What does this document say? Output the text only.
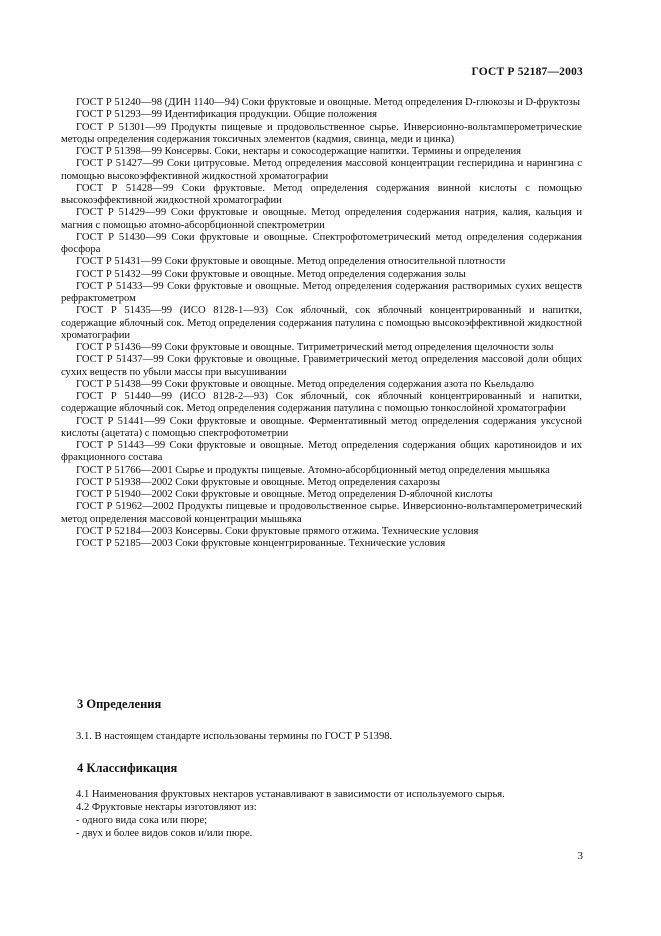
ГОСТ Р 52187—2003

ГОСТ Р 51240—98 (ДИН 1140—94) Соки фруктовые и овощные. Метод определения D-глюкозы и D-фруктозы

ГОСТ Р 51293—99 Идентификация продукции. Общие положения

ГОСТ Р 51301—99 Продукты пищевые и продовольственное сырье. Инверсионно-вольтамперометрические методы определения содержания токсичных элементов (кадмия, свинца, меди и цинка)

ГОСТ Р 51398—99 Консервы. Соки, нектары и сокосодержащие напитки. Термины и определения

ГОСТ Р 51427—99 Соки цитрусовые. Метод определения массовой концентрации гесперидина и нарингина с помощью высокоэффективной жидкостной хроматографии

ГОСТ Р 51428—99 Соки фруктовые. Метод определения содержания винной кислоты с помощью высокоэффективной жидкостной хроматографии

ГОСТ Р 51429—99 Соки фруктовые и овощные. Метод определения содержания натрия, калия, кальция и магния с помощью атомно-абсорбционной спектрометрии

ГОСТ Р 51430—99 Соки фруктовые и овощные. Спектрофотометрический метод определения содержания фосфора

ГОСТ Р 51431—99 Соки фруктовые и овощные. Метод определения относительной плотности

ГОСТ Р 51432—99 Соки фруктовые и овощные. Метод определения содержания золы

ГОСТ Р 51433—99 Соки фруктовые и овощные. Метод определения содержания растворимых сухих веществ рефрактометром

ГОСТ Р 51435—99 (ИСО 8128-1—93) Сок яблочный, сок яблочный концентрированный и напитки, содержащие яблочный сок. Метод определения содержания патулина с помощью высокоэффективной жидкостной хроматографии

ГОСТ Р 51436—99 Соки фруктовые и овощные. Титриметрический метод определения щелочности золы

ГОСТ Р 51437—99 Соки фруктовые и овощные. Гравиметрический метод определения массовой доли общих сухих веществ по убыли массы при высушивании

ГОСТ Р 51438—99 Соки фруктовые и овощные. Метод определения содержания азота по Кьельдалю

ГОСТ Р 51440—99 (ИСО 8128-2—93) Сок яблочный, сок яблочный концентрированный и напитки, содержащие яблочный сок. Метод определения содержания патулина с помощью тонкослойной хроматографии

ГОСТ Р 51441—99 Соки фруктовые и овощные. Ферментативный метод определения содержания уксусной кислоты (ацетата) с помощью спектрофотометрии

ГОСТ Р 51443—99 Соки фруктовые и овощные. Метод определения содержания общих каротиноидов и их фракционного состава

ГОСТ Р 51766—2001 Сырье и продукты пищевые. Атомно-абсорбционный метод определения мышьяка

ГОСТ Р 51938—2002 Соки фруктовые и овощные. Метод определения сахарозы

ГОСТ Р 51940—2002 Соки фруктовые и овощные. Метод определения D-яблочной кислоты

ГОСТ Р 51962—2002 Продукты пищевые и продовольственное сырье. Инверсионно-вольтамперометрический метод определения массовой концентрации мышьяка

ГОСТ Р 52184—2003 Консервы. Соки фруктовые прямого отжима. Технические условия

ГОСТ Р 52185—2003 Соки фруктовые концентрированные. Технические условия

3 Определения

3.1. В настоящем стандарте использованы термины по ГОСТ Р 51398.

4 Классификация

4.1 Наименования фруктовых нектаров устанавливают в зависимости от используемого сырья.

4.2 Фруктовые нектары изготовляют из:

- одного вида сока или пюре;

- двух и более видов соков и/или пюре.

3
